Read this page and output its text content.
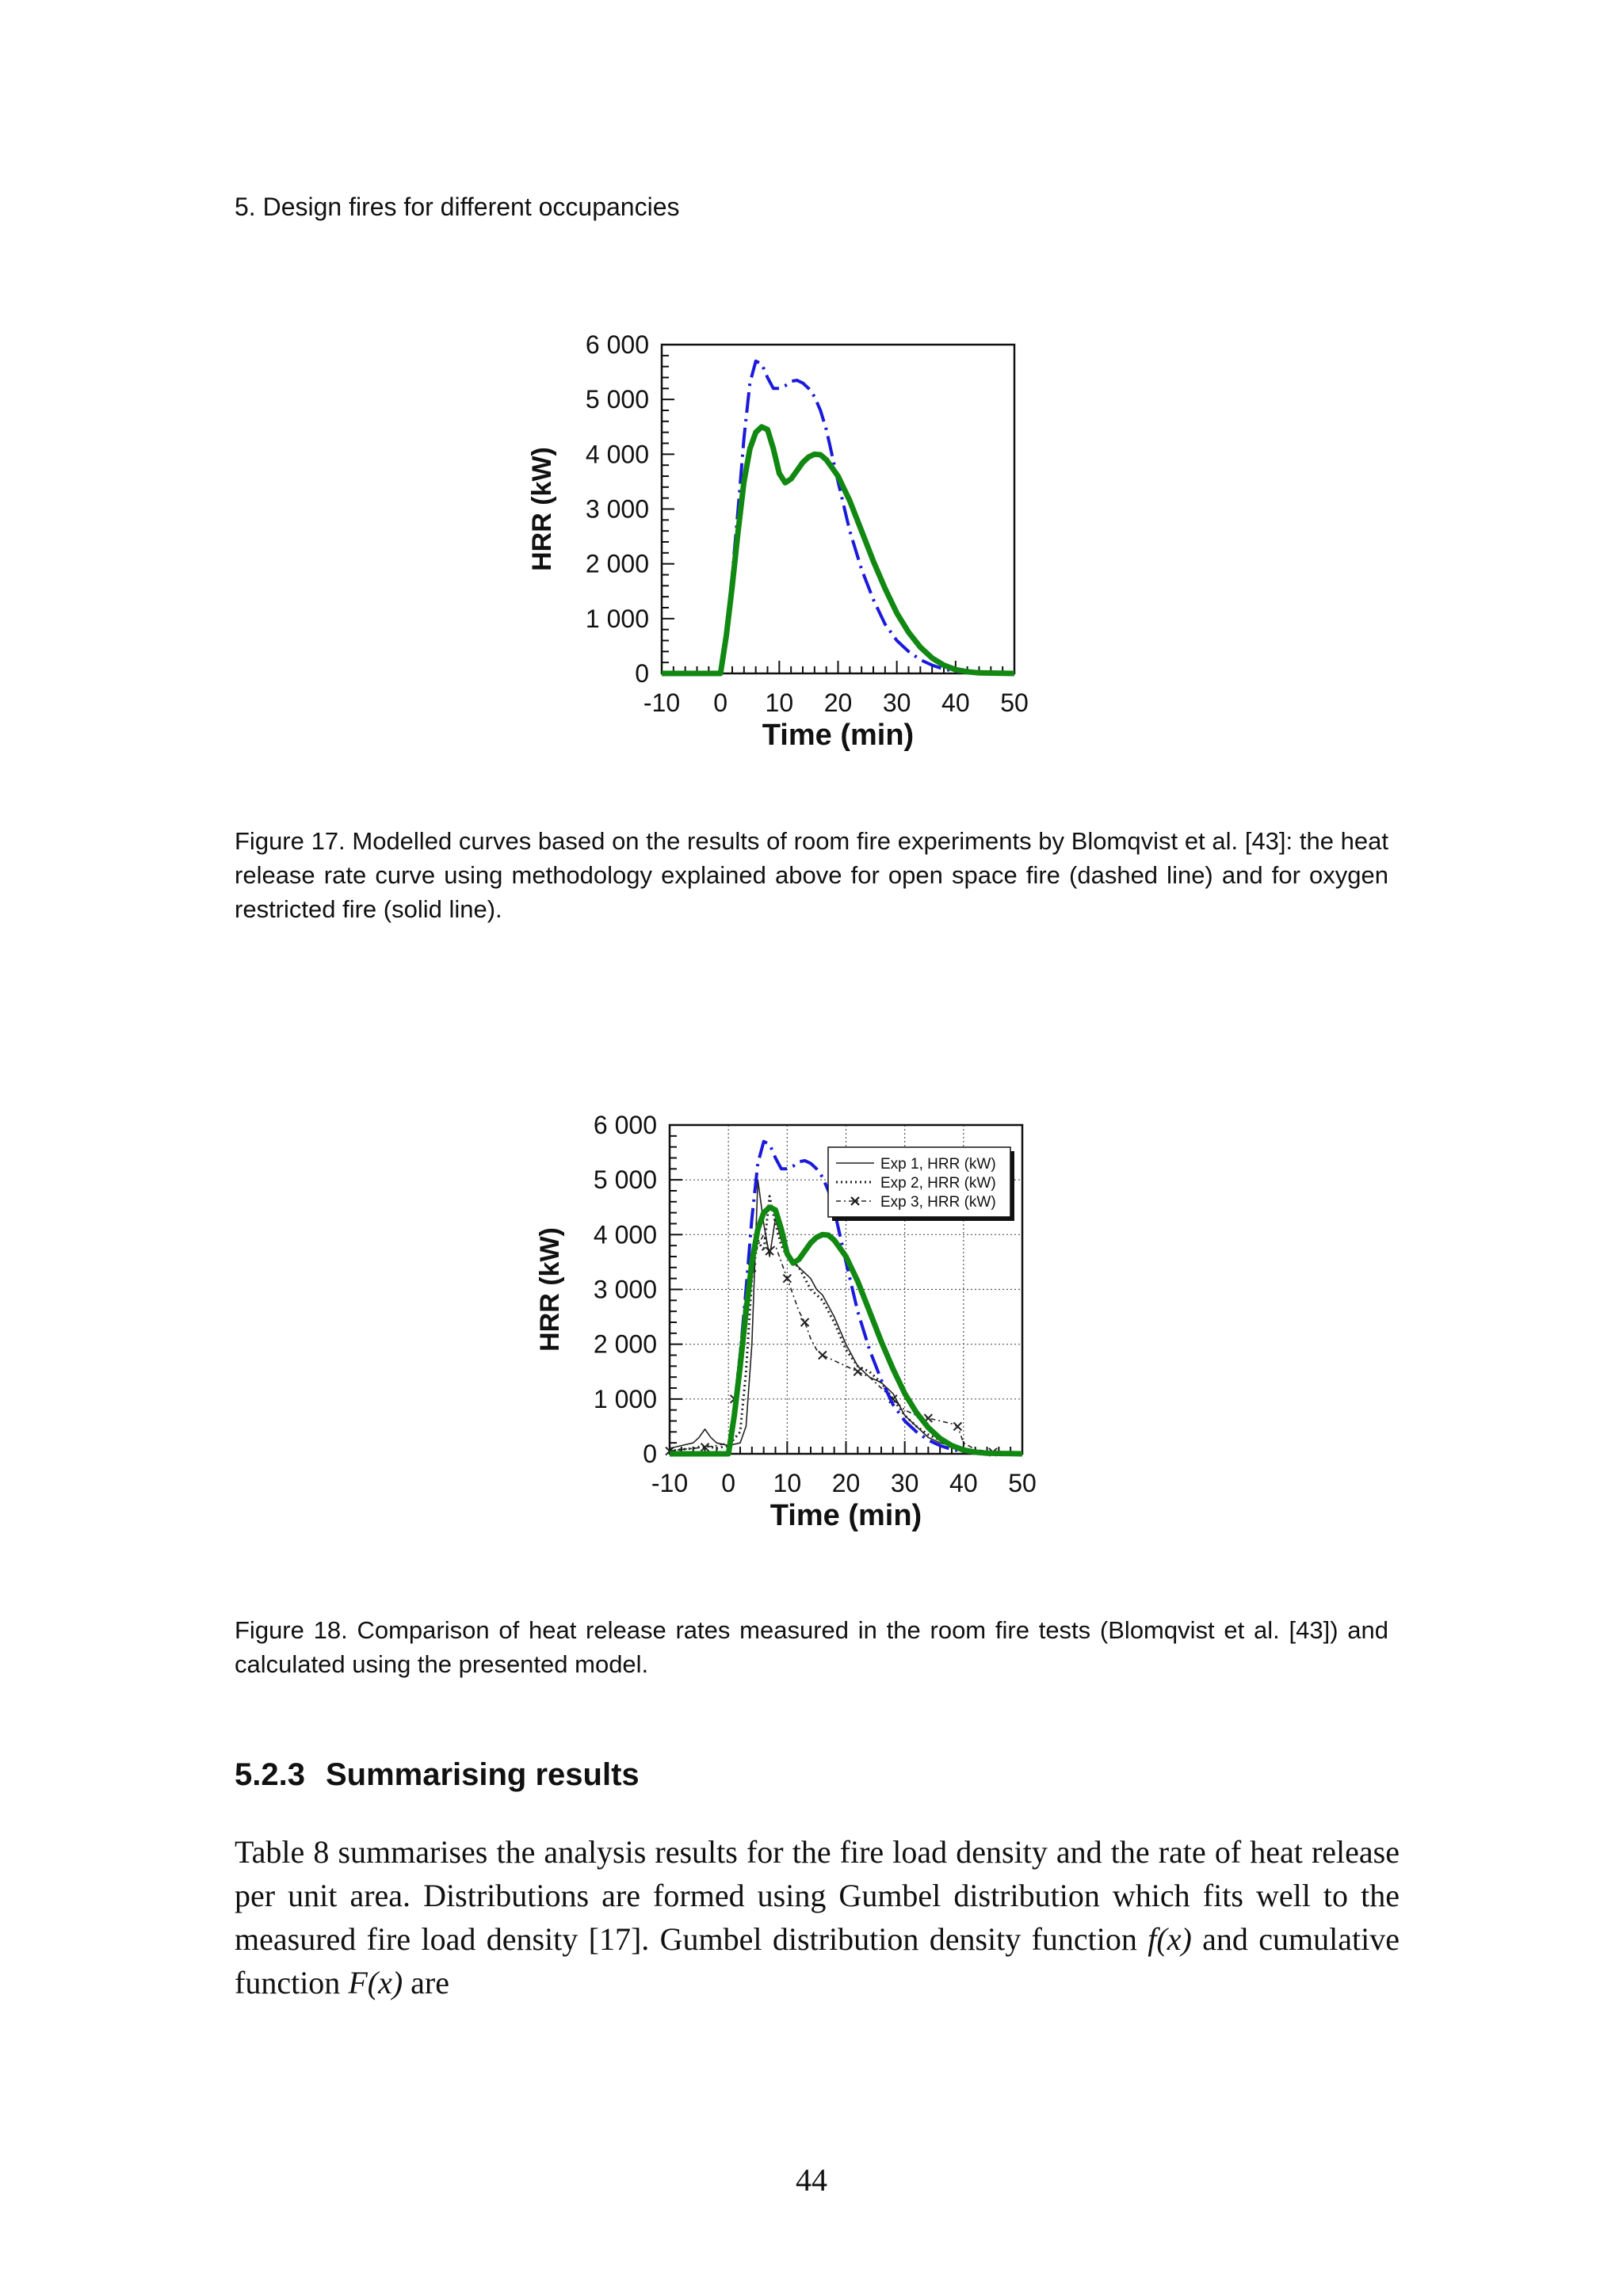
5. Design fires for different occupancies
-10 0 10 20 30 40 50
0
1 000
2 000
3 000
4 000
5 000
6 000
Time (min)
HRR (kW)
Figure 17. Modelled curves based on the results of room fire experiments by Blomqvist et al. [43]: the heat release rate curve using methodology explained above for open space fire (dashed line) and for oxygen restricted fire (solid line).
-10 0 10 20 30 40 50
0
1 000
2 000
3 000
4 000
5 000
6 000
Time (min)
HRR (kW)
Exp 1, HRR (kW)
Exp 2, HRR (kW)
Exp 3, HRR (kW)
Figure 18. Comparison of heat release rates measured in the room fire tests (Blomqvist et al. [43]) and calculated using the presented model.
5.2.3 Summarising results
Table 8 summarises the analysis results for the fire load density and the rate of heat release per unit area. Distributions are formed using Gumbel distribution which fits well to the measured fire load density [17]. Gumbel distribution density function f(x) and cumulative function F(x) are
44
